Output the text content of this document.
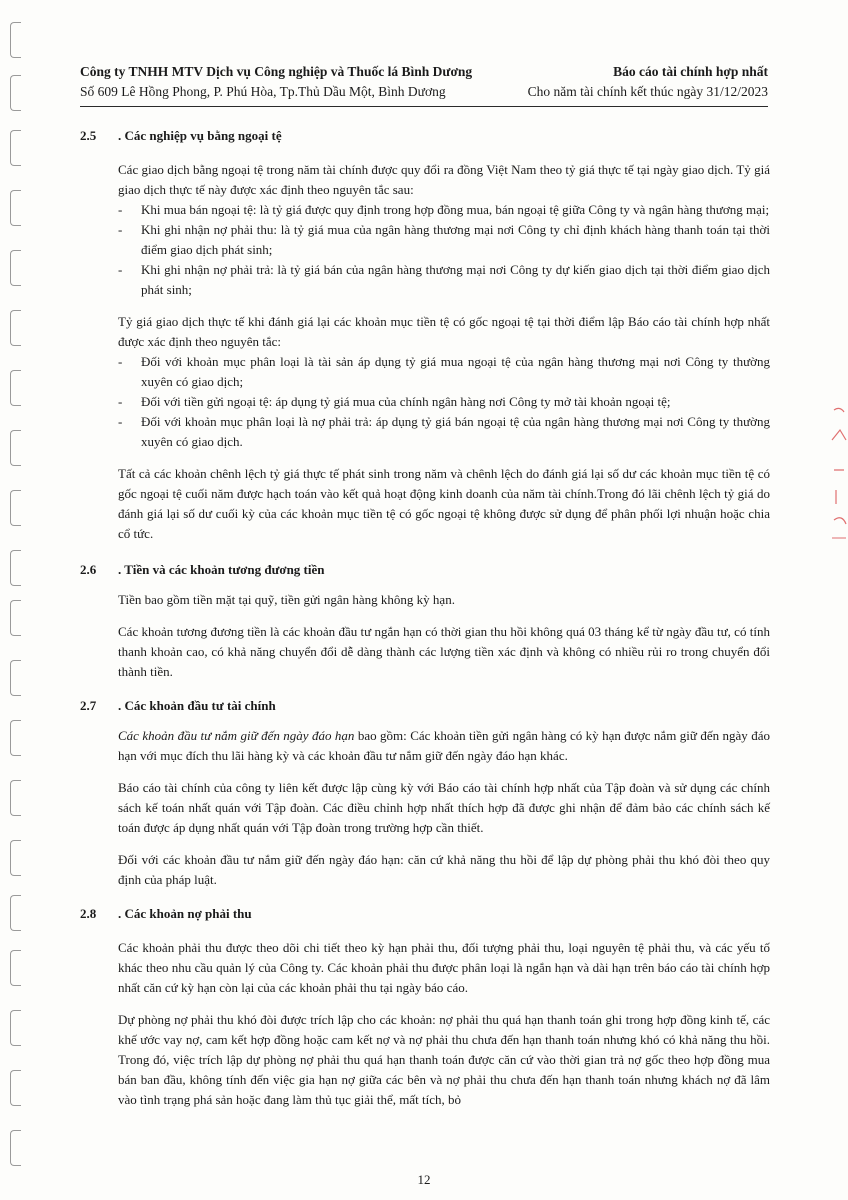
Công ty TNHH MTV Dịch vụ Công nghiệp và Thuốc lá Bình Dương
Số 609 Lê Hồng Phong, P. Phú Hòa, Tp.Thủ Dầu Một, Bình Dương
Báo cáo tài chính hợp nhất
Cho năm tài chính kết thúc ngày 31/12/2023
2.5 . Các nghiệp vụ bằng ngoại tệ

Các giao dịch bằng ngoại tệ trong năm tài chính được quy đổi ra đồng Việt Nam theo tỷ giá thực tế tại ngày giao dịch. Tỷ giá giao dịch thực tế này được xác định theo nguyên tắc sau:

- Khi mua bán ngoại tệ: là tỷ giá được quy định trong hợp đồng mua, bán ngoại tệ giữa Công ty và ngân hàng thương mại;
- Khi ghi nhận nợ phải thu: là tỷ giá mua của ngân hàng thương mại nơi Công ty chỉ định khách hàng thanh toán tại thời điểm giao dịch phát sinh;
- Khi ghi nhận nợ phải trả: là tỷ giá bán của ngân hàng thương mại nơi Công ty dự kiến giao dịch tại thời điểm giao dịch phát sinh;

Tỷ giá giao dịch thực tế khi đánh giá lại các khoản mục tiền tệ có gốc ngoại tệ tại thời điểm lập Báo cáo tài chính hợp nhất được xác định theo nguyên tắc:

- Đối với khoản mục phân loại là tài sản áp dụng tỷ giá mua ngoại tệ của ngân hàng thương mại nơi Công ty thường xuyên có giao dịch;
- Đối với tiền gửi ngoại tệ: áp dụng tỷ giá mua của chính ngân hàng nơi Công ty mở tài khoản ngoại tệ;
- Đối với khoản mục phân loại là nợ phải trả: áp dụng tỷ giá bán ngoại tệ của ngân hàng thương mại nơi Công ty thường xuyên có giao dịch.

Tất cả các khoản chênh lệch tỷ giá thực tế phát sinh trong năm và chênh lệch do đánh giá lại số dư các khoản mục tiền tệ có gốc ngoại tệ cuối năm được hạch toán vào kết quả hoạt động kinh doanh của năm tài chính.Trong đó lãi chênh lệch tỷ giá do đánh giá lại số dư cuối kỳ của các khoản mục tiền tệ có gốc ngoại tệ không được sử dụng để phân phối lợi nhuận hoặc chia cổ tức.

2.6 . Tiền và các khoản tương đương tiền

Tiền bao gồm tiền mặt tại quỹ, tiền gửi ngân hàng không kỳ hạn.

Các khoản tương đương tiền là các khoản đầu tư ngắn hạn có thời gian thu hồi không quá 03 tháng kể từ ngày đầu tư, có tính thanh khoản cao, có khả năng chuyển đổi dễ dàng thành các lượng tiền xác định và không có nhiều rủi ro trong chuyển đổi thành tiền.

2.7 . Các khoản đầu tư tài chính

Các khoản đầu tư nắm giữ đến ngày đáo hạn bao gồm: Các khoản tiền gửi ngân hàng có kỳ hạn được nắm giữ đến ngày đáo hạn với mục đích thu lãi hàng kỳ và các khoản đầu tư nắm giữ đến ngày đáo hạn khác.

Báo cáo tài chính của công ty liên kết được lập cùng kỳ với Báo cáo tài chính hợp nhất của Tập đoàn và sử dụng các chính sách kế toán nhất quán với Tập đoàn. Các điều chỉnh hợp nhất thích hợp đã được ghi nhận để đảm bảo các chính sách kế toán được áp dụng nhất quán với Tập đoàn trong trường hợp cần thiết.

Đối với các khoản đầu tư nắm giữ đến ngày đáo hạn: căn cứ khả năng thu hồi để lập dự phòng phải thu khó đòi theo quy định của pháp luật.

2.8 . Các khoản nợ phải thu

Các khoản phải thu được theo dõi chi tiết theo kỳ hạn phải thu, đối tượng phải thu, loại nguyên tệ phải thu, và các yếu tố khác theo nhu cầu quản lý của Công ty. Các khoản phải thu được phân loại là ngắn hạn và dài hạn trên báo cáo tài chính hợp nhất căn cứ kỳ hạn còn lại của các khoản phải thu tại ngày báo cáo.

Dự phòng nợ phải thu khó đòi được trích lập cho các khoản: nợ phải thu quá hạn thanh toán ghi trong hợp đồng kinh tế, các khế ước vay nợ, cam kết hợp đồng hoặc cam kết nợ và nợ phải thu chưa đến hạn thanh toán nhưng khó có khả năng thu hồi. Trong đó, việc trích lập dự phòng nợ phải thu quá hạn thanh toán được căn cứ vào thời gian trả nợ gốc theo hợp đồng mua bán ban đầu, không tính đến việc gia hạn nợ giữa các bên và nợ phải thu chưa đến hạn thanh toán nhưng khách nợ đã lâm vào tình trạng phá sản hoặc đang làm thủ tục giải thể, mất tích, bỏ

12
